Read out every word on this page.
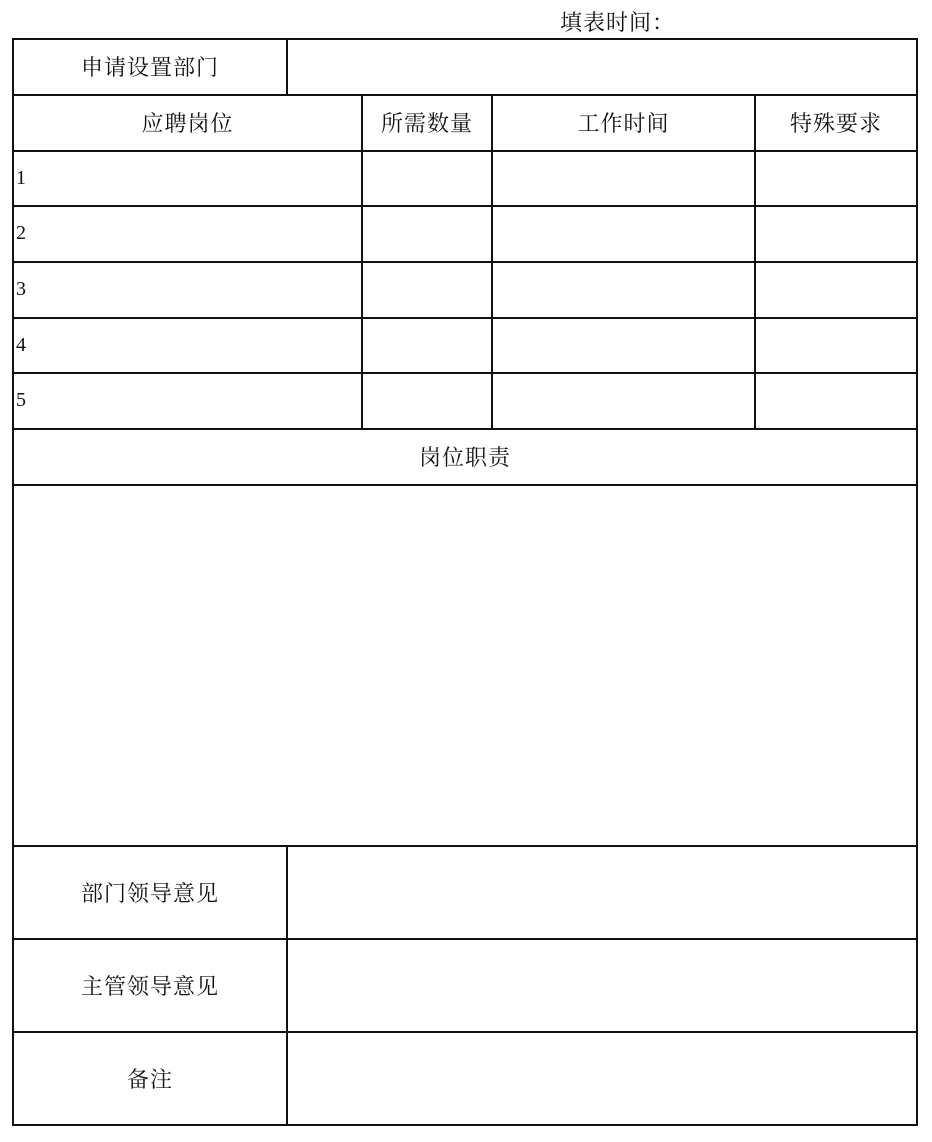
填表时间：
申请设置部门
应聘岗位	所需数量	工作时间	特殊要求
1
2
3
4
5
岗位职责
部门领导意见
主管领导意见
备注
